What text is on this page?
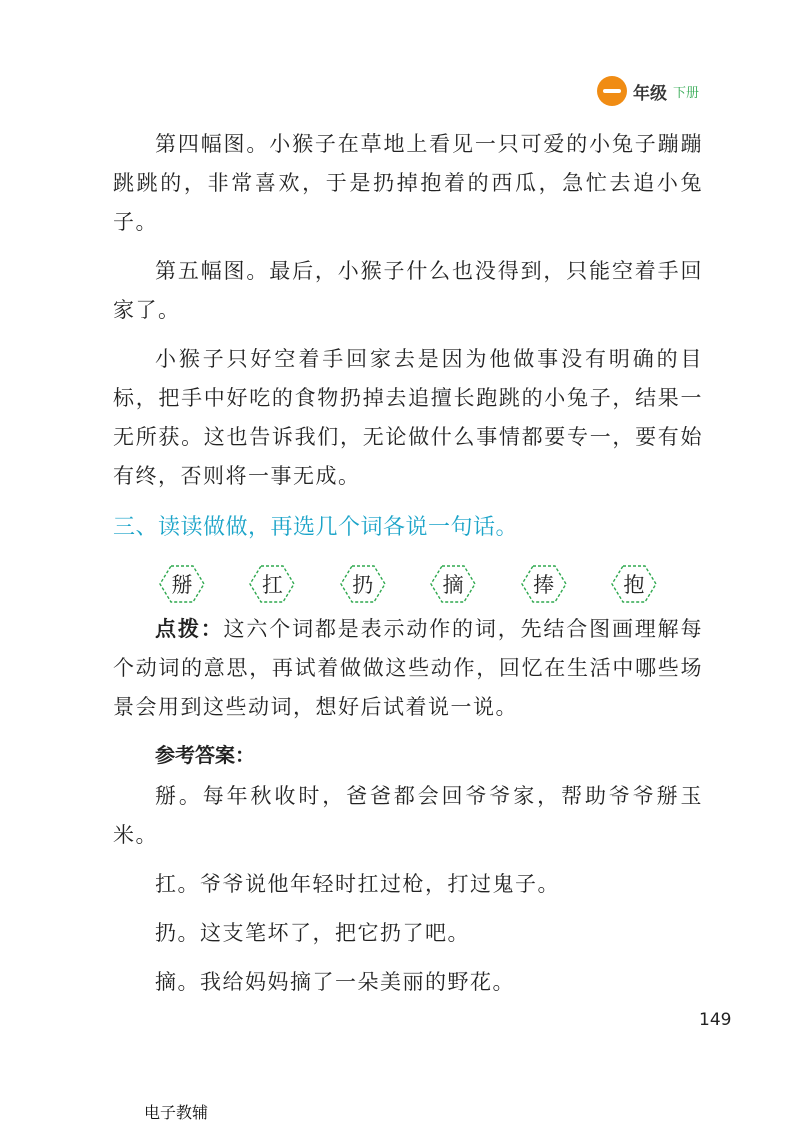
年级 下册

第四幅图。小猴子在草地上看见一只可爱的小兔子蹦蹦跳跳的，非常喜欢，于是扔掉抱着的西瓜，急忙去追小兔子。

第五幅图。最后，小猴子什么也没得到，只能空着手回家了。

小猴子只好空着手回家去是因为他做事没有明确的目标，把手中好吃的食物扔掉去追擅长跑跳的小兔子，结果一无所获。这也告诉我们，无论做什么事情都要专一，要有始有终，否则将一事无成。

三、读读做做，再选几个词各说一句话。
掰	扛	扔	摘	捧	抱

点拨：这六个词都是表示动作的词，先结合图画理解每个动词的意思，再试着做做这些动作，回忆在生活中哪些场景会用到这些动词，想好后试着说一说。

参考答案：

掰。每年秋收时，爸爸都会回爷爷家，帮助爷爷掰玉米。

扛。爷爷说他年轻时扛过枪，打过鬼子。

扔。这支笔坏了，把它扔了吧。

摘。我给妈妈摘了一朵美丽的野花。

149
电子教辅
